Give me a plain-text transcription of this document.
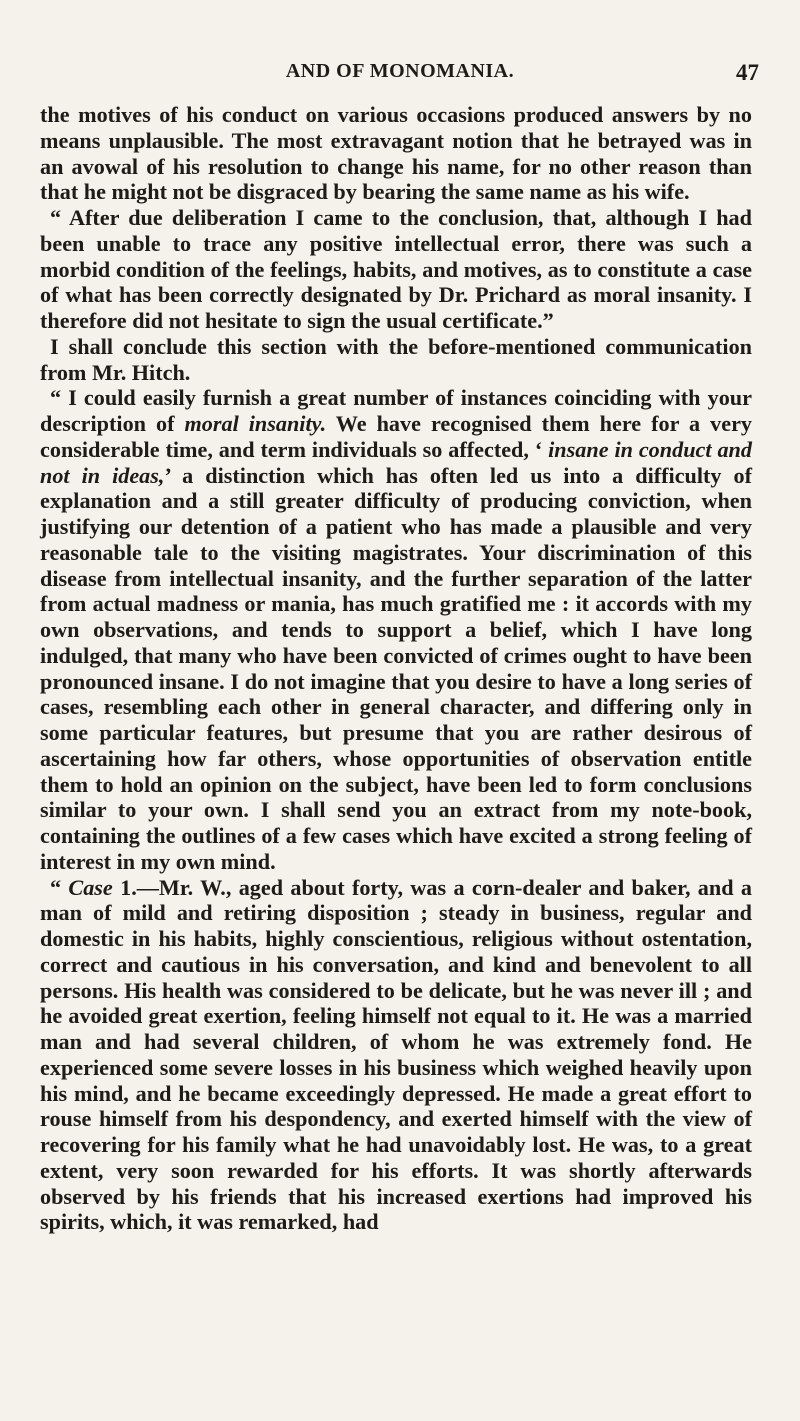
AND OF MONOMANIA.	47

the motives of his conduct on various occasions produced answers by no means unplausible. The most extravagant notion that he betrayed was in an avowal of his resolution to change his name, for no other reason than that he might not be disgraced by bearing the same name as his wife.

“ After due deliberation I came to the conclusion, that, although I had been unable to trace any positive intellectual error, there was such a morbid condition of the feelings, habits, and motives, as to constitute a case of what has been correctly designated by Dr. Prichard as moral insanity. I therefore did not hesitate to sign the usual certificate.”

I shall conclude this section with the before-mentioned communication from Mr. Hitch.

“ I could easily furnish a great number of instances coinciding with your description of moral insanity. We have recognised them here for a very considerable time, and term individuals so affected, ‘ insane in conduct and not in ideas,’ a distinction which has often led us into a difficulty of explanation and a still greater difficulty of producing conviction, when justifying our detention of a patient who has made a plausible and very reasonable tale to the visiting magistrates. Your discrimination of this disease from intellectual insanity, and the further separation of the latter from actual madness or mania, has much gratified me : it accords with my own observations, and tends to support a belief, which I have long indulged, that many who have been convicted of crimes ought to have been pronounced insane. I do not imagine that you desire to have a long series of cases, resembling each other in general character, and differing only in some particular features, but presume that you are rather desirous of ascertaining how far others, whose opportunities of observation entitle them to hold an opinion on the subject, have been led to form conclusions similar to your own. I shall send you an extract from my note-book, containing the outlines of a few cases which have excited a strong feeling of interest in my own mind.

“ Case 1.—Mr. W., aged about forty, was a corn-dealer and baker, and a man of mild and retiring disposition ; steady in business, regular and domestic in his habits, highly conscientious, religious without ostentation, correct and cautious in his conversation, and kind and benevolent to all persons. His health was considered to be delicate, but he was never ill ; and he avoided great exertion, feeling himself not equal to it. He was a married man and had several children, of whom he was extremely fond. He experienced some severe losses in his business which weighed heavily upon his mind, and he became exceedingly depressed. He made a great effort to rouse himself from his despondency, and exerted himself with the view of recovering for his family what he had unavoidably lost. He was, to a great extent, very soon rewarded for his efforts. It was shortly afterwards observed by his friends that his increased exertions had improved his spirits, which, it was remarked, had
